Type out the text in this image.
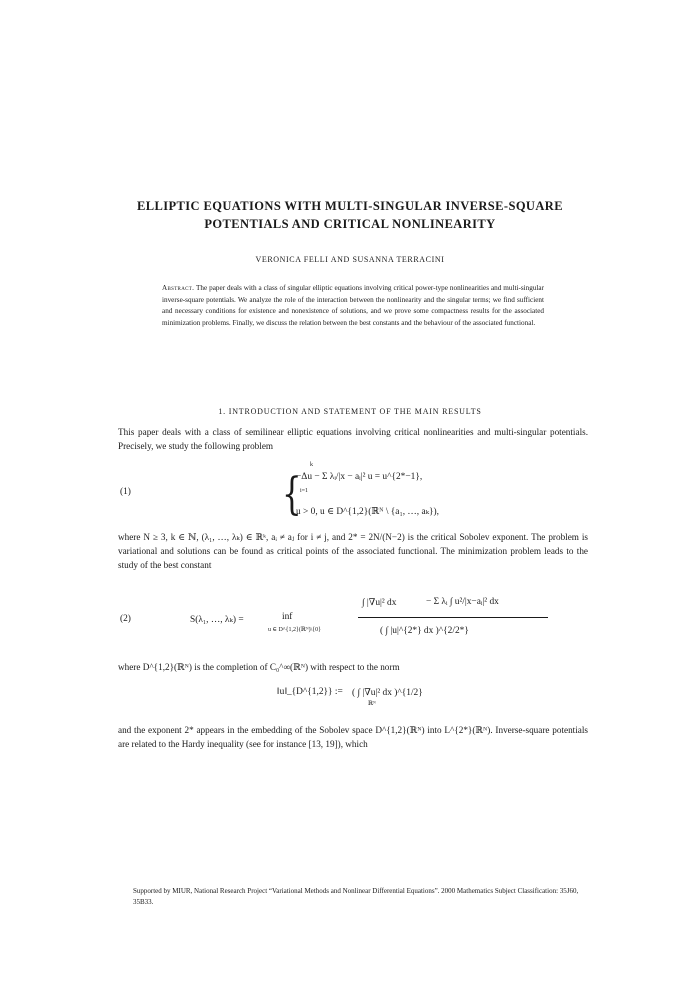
ELLIPTIC EQUATIONS WITH MULTI-SINGULAR INVERSE-SQUARE
POTENTIALS AND CRITICAL NONLINEARITY
VERONICA FELLI AND SUSANNA TERRACINI
Abstract. The paper deals with a class of singular elliptic equations involving critical power-type nonlinearities and multi-singular inverse-square potentials. We analyze the role of the interaction between the nonlinearity and the singular terms; we find sufficient and necessary conditions for existence and nonexistence of solutions, and we prove some compactness results for the associated minimization problems. Finally, we discuss the relation between the best constants and the behaviour of the associated functional.
1. INTRODUCTION AND STATEMENT OF THE MAIN RESULTS
This paper deals with a class of semilinear elliptic equations involving critical nonlinearities and multi-singular potentials. Precisely, we study the following problem
(1)	{
k
i=1
−Δu − Σ λᵢ/|x − aᵢ|² u = u^{2*−1},
u > 0, u ∈ D^{1,2}(ℝᴺ \ {a₁, …, aₖ}),
where N ≥ 3, k ∈ ℕ, (λ₁, …, λₖ) ∈ ℝᵏ, aᵢ ≠ aⱼ for i ≠ j, and 2* = 2N/(N−2) is the critical Sobolev exponent. The problem is variational and solutions can be found as critical points of the associated functional. The minimization problem leads to the study of the best constant
(2)	S(λ₁, …, λₖ) =	inf
u ∈ D^{1,2}(ℝᴺ)\{0}
∫ |∇u|² dx	− Σ λᵢ ∫ u²/|x−aᵢ|² dx
( ∫ |u|^{2*} dx )^{2/2*}
where D^{1,2}(ℝᴺ) is the completion of C₀^∞(ℝᴺ) with respect to the norm
‖u‖_{D^{1,2}} := ( ∫ |∇u|² dx )^{1/2}
ℝᴺ
and the exponent 2* appears in the embedding of the Sobolev space D^{1,2}(ℝᴺ) into L^{2*}(ℝᴺ). Inverse-square potentials are related to the Hardy inequality (see for instance [13, 19]), which
Supported by MIUR, National Research Project “Variational Methods and Nonlinear Differential Equations”. 2000 Mathematics Subject Classification: 35J60, 35B33.
